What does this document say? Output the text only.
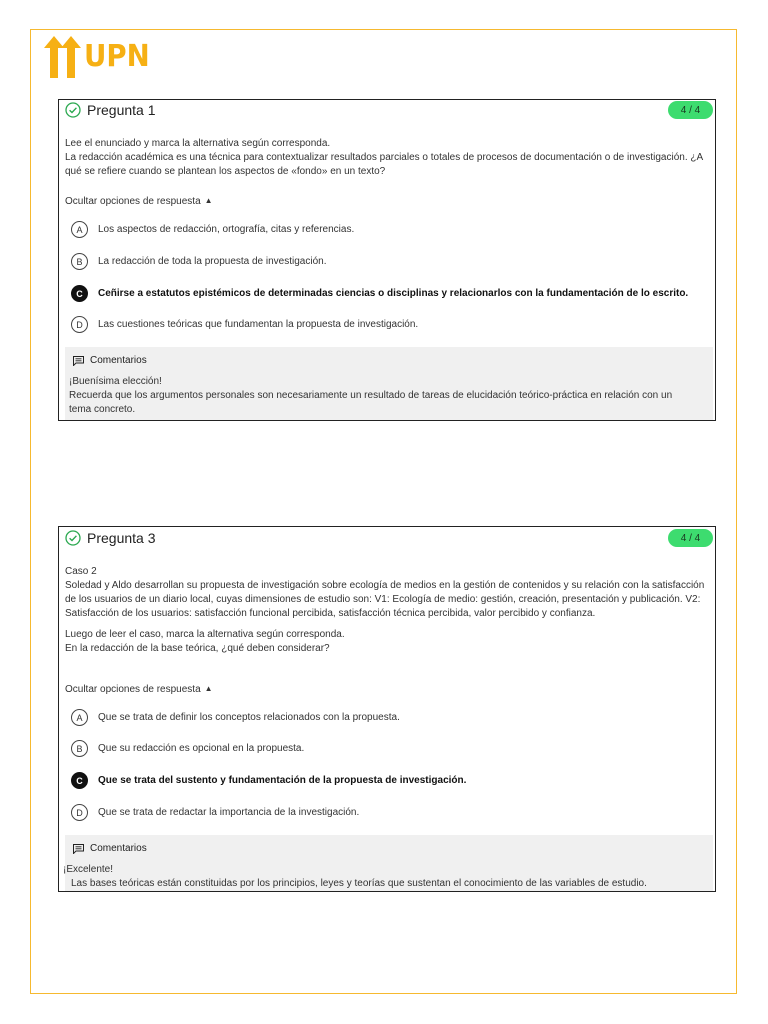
UPN
Pregunta 1	4 / 4
Lee el enunciado y marca la alternativa según corresponda.
La redacción académica es una técnica para contextualizar resultados parciales o totales de procesos de documentación o de investigación. ¿A
qué se refiere cuando se plantean los aspectos de «fondo» en un texto?
Ocultar opciones de respuesta ▲
A	Los aspectos de redacción, ortografía, citas y referencias.
B	La redacción de toda la propuesta de investigación.
C	Ceñirse a estatutos epistémicos de determinadas ciencias o disciplinas y relacionarlos con la fundamentación de lo escrito.
D	Las cuestiones teóricas que fundamentan la propuesta de investigación.
Comentarios
¡Buenísima elección!
Recuerda que los argumentos personales son necesariamente un resultado de tareas de elucidación teórico-práctica en relación con un
tema concreto.
Pregunta 3	4 / 4
Caso 2
Soledad y Aldo desarrollan su propuesta de investigación sobre ecología de medios en la gestión de contenidos y su relación con la satisfacción
de los usuarios de un diario local, cuyas dimensiones de estudio son: V1: Ecología de medio: gestión, creación, presentación y publicación. V2:
Satisfacción de los usuarios: satisfacción funcional percibida, satisfacción técnica percibida, valor percibido y confianza.
Luego de leer el caso, marca la alternativa según corresponda.
En la redacción de la base teórica, ¿qué deben considerar?
Ocultar opciones de respuesta ▲
A	Que se trata de definir los conceptos relacionados con la propuesta.
B	Que su redacción es opcional en la propuesta.
C	Que se trata del sustento y fundamentación de la propuesta de investigación.
D	Que se trata de redactar la importancia de la investigación.
Comentarios
¡Excelente!
Las bases teóricas están constituidas por los principios, leyes y teorías que sustentan el conocimiento de las variables de estudio.
